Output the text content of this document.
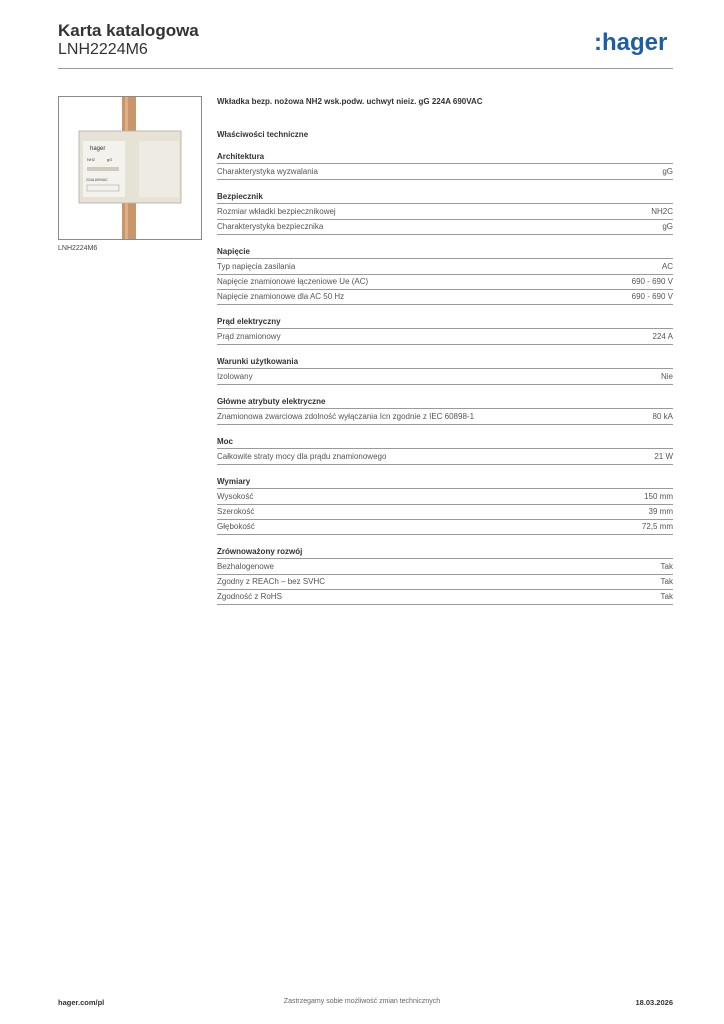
Karta katalogowa
LNH2224M6	:hager
hager
NH2	gG
224A 690VAC
LNH2224M6
Wkładka bezp. nożowa NH2 wsk.podw. uchwyt nieiz. gG 224A 690VAC
Właściwości techniczne
Architektura
Charakterystyka wyzwalania	gG
Bezpiecznik
Rozmiar wkładki bezpiecznikowej	NH2C
Charakterystyka bezpiecznika	gG
Napięcie
Typ napięcia zasilania	AC
Napięcie znamionowe łączeniowe Ue (AC)	690 - 690 V
Napięcie znamionowe dla AC 50 Hz	690 - 690 V
Prąd elektryczny
Prąd znamionowy	224 A
Warunki użytkowania
Izolowany	Nie
Główne atrybuty elektryczne
Znamionowa zwarciowa zdolność wyłączania Icn zgodnie z IEC 60898-1	80 kA
Moc
Całkowite straty mocy dla prądu znamionowego	21 W
Wymiary
Wysokość	150 mm
Szerokość	39 mm
Głębokość	72,5 mm
Zrównoważony rozwój
Bezhalogenowe	Tak
Zgodny z REACh – bez SVHC	Tak
Zgodność z RoHS	Tak
hager.com/pl	Zastrzegamy sobie możliwość zmian technicznych	18.03.2026
